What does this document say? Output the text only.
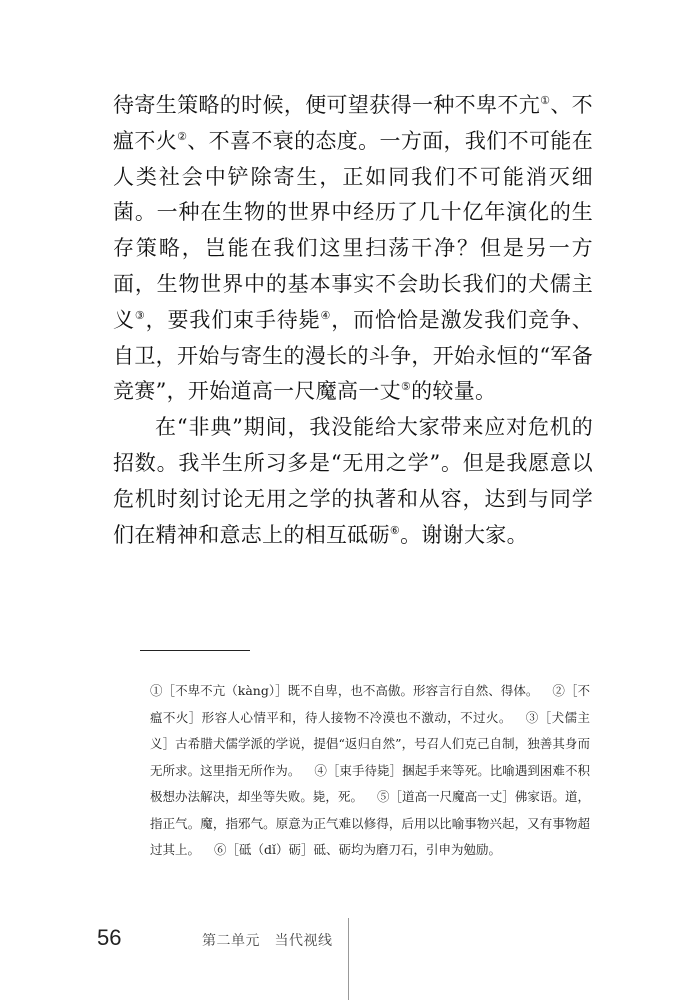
待寄生策略的时候，便可望获得一种不卑不亢①、不瘟不火②、不喜不衰的态度。一方面，我们不可能在人类社会中铲除寄生，正如同我们不可能消灭细菌。一种在生物的世界中经历了几十亿年演化的生存策略，岂能在我们这里扫荡干净？但是另一方面，生物世界中的基本事实不会助长我们的犬儒主义③，要我们束手待毙④，而恰恰是激发我们竞争、自卫，开始与寄生的漫长的斗争，开始永恒的“军备竞赛”，开始道高一尺魔高一丈⑤的较量。

在“非典”期间，我没能给大家带来应对危机的招数。我半生所习多是“无用之学”。但是我愿意以危机时刻讨论无用之学的执著和从容，达到与同学们在精神和意志上的相互砥砺⑥。谢谢大家。

①［不卑不亢（kàng）］既不自卑，也不高傲。形容言行自然、得体。 ②［不瘟不火］形容人心情平和，待人接物不冷漠也不激动，不过火。 ③［犬儒主义］古希腊犬儒学派的学说，提倡“返归自然”，号召人们克己自制，独善其身而无所求。这里指无所作为。 ④［束手待毙］捆起手来等死。比喻遇到困难不积极想办法解决，却坐等失败。毙，死。 ⑤［道高一尺魔高一丈］佛家语。道，指正气。魔，指邪气。原意为正气难以修得，后用以比喻事物兴起，又有事物超过其上。 ⑥［砥（dǐ）砺］砥、砺均为磨刀石，引申为勉励。
56	第二单元　当代视线
